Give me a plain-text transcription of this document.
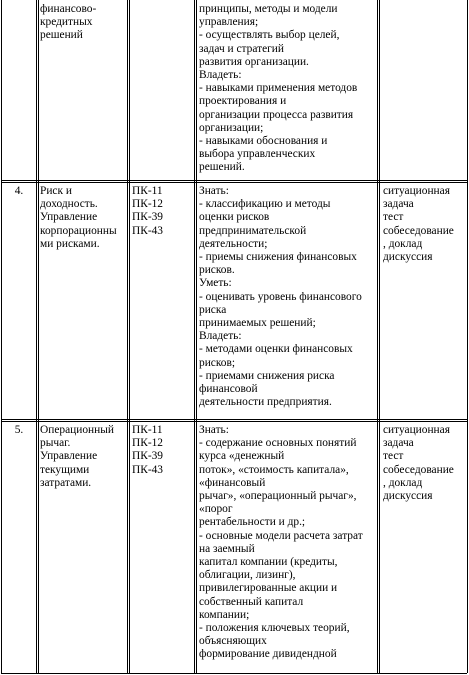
финансово-
кредитных
решений
принципы, методы и модели
управления;
- осуществлять выбор целей,
задач и стратегий
развития организации.
Владеть:
- навыками применения методов
проектирования и
организации процесса развития
организации;
- навыками обоснования и
выбора управленческих
решений.
4.	Риск и
доходность.
Управление
корпорационны
ми рисками.
ПК-11
ПК-12
ПК-39
ПК-43
Знать:
- классификацию и методы
оценки рисков
предпринимательской
деятельности;
- приемы снижения финансовых
рисков.
Уметь:
- оценивать уровень финансового
риска
принимаемых решений;
Владеть:
- методами оценки финансовых
рисков;
- приемами снижения риска
финансовой
деятельности предприятия.
ситуационная
задача
тест
собеседование
, доклад
дискуссия
5.	Операционный
рычаг.
Управление
текущими
затратами.
ПК-11
ПК-12
ПК-39
ПК-43
Знать:
- содержание основных понятий
курса «денежный
поток», «стоимость капитала»,
«финансовый
рычаг», «операционный рычаг»,
«порог
рентабельности и др.;
- основные модели расчета затрат
на заемный
капитал компании (кредиты,
облигации, лизинг),
привилегированные акции и
собственный капитал
компании;
- положения ключевых теорий,
объясняющих
формирование дивидендной
ситуационная
задача
тест
собеседование
, доклад
дискуссия
